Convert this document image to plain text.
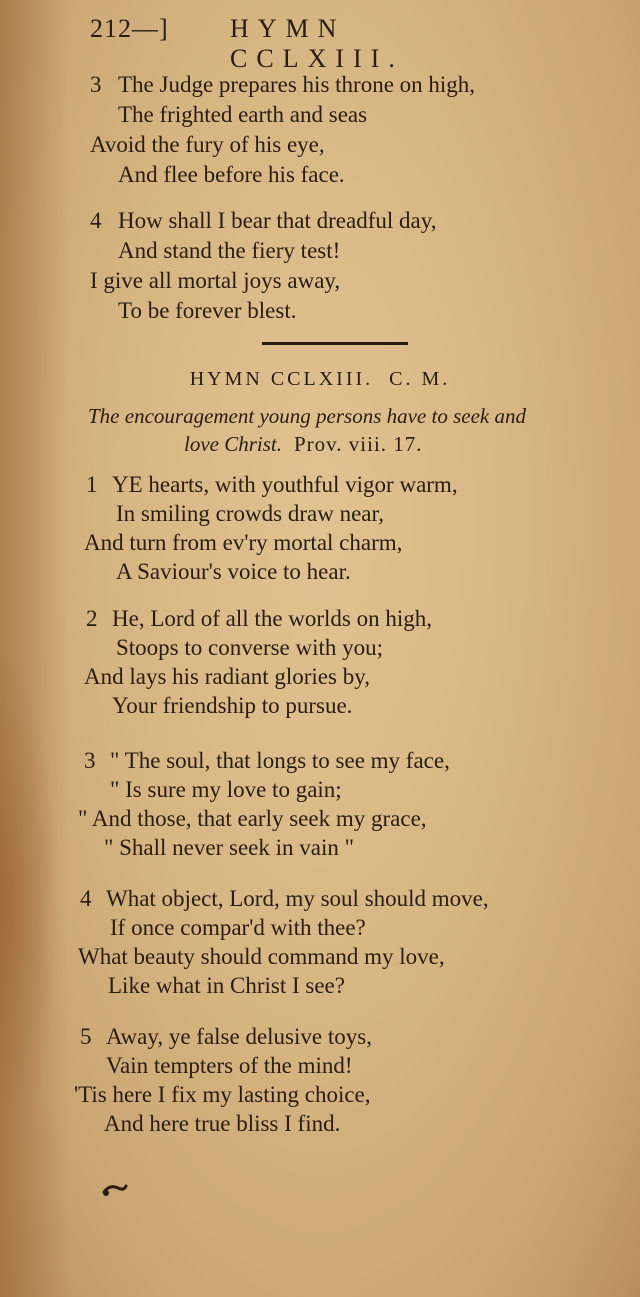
212—] HYMN CCLXIII.
3 The Judge prepares his throne on high,
The frighted earth and seas
Avoid the fury of his eye,
And flee before his face.
4 How shall I bear that dreadful day,
And stand the fiery test!
I give all mortal joys away,
To be forever blest.
HYMN CCLXIII. C. M.
The encouragement young persons have to seek and
love Christ. Prov. viii. 17.
1 YE hearts, with youthful vigor warm,
In smiling crowds draw near,
And turn from ev'ry mortal charm,
A Saviour's voice to hear.
2 He, Lord of all the worlds on high,
Stoops to converse with you;
And lays his radiant glories by,
Your friendship to pursue.
3 " The soul, that longs to see my face,
" Is sure my love to gain;
" And those, that early seek my grace,
" Shall never seek in vain "
4 What object, Lord, my soul should move,
If once compar'd with thee?
What beauty should command my love,
Like what in Christ I see?
5 Away, ye false delusive toys,
Vain tempters of the mind!
'Tis here I fix my lasting choice,
And here true bliss I find.
